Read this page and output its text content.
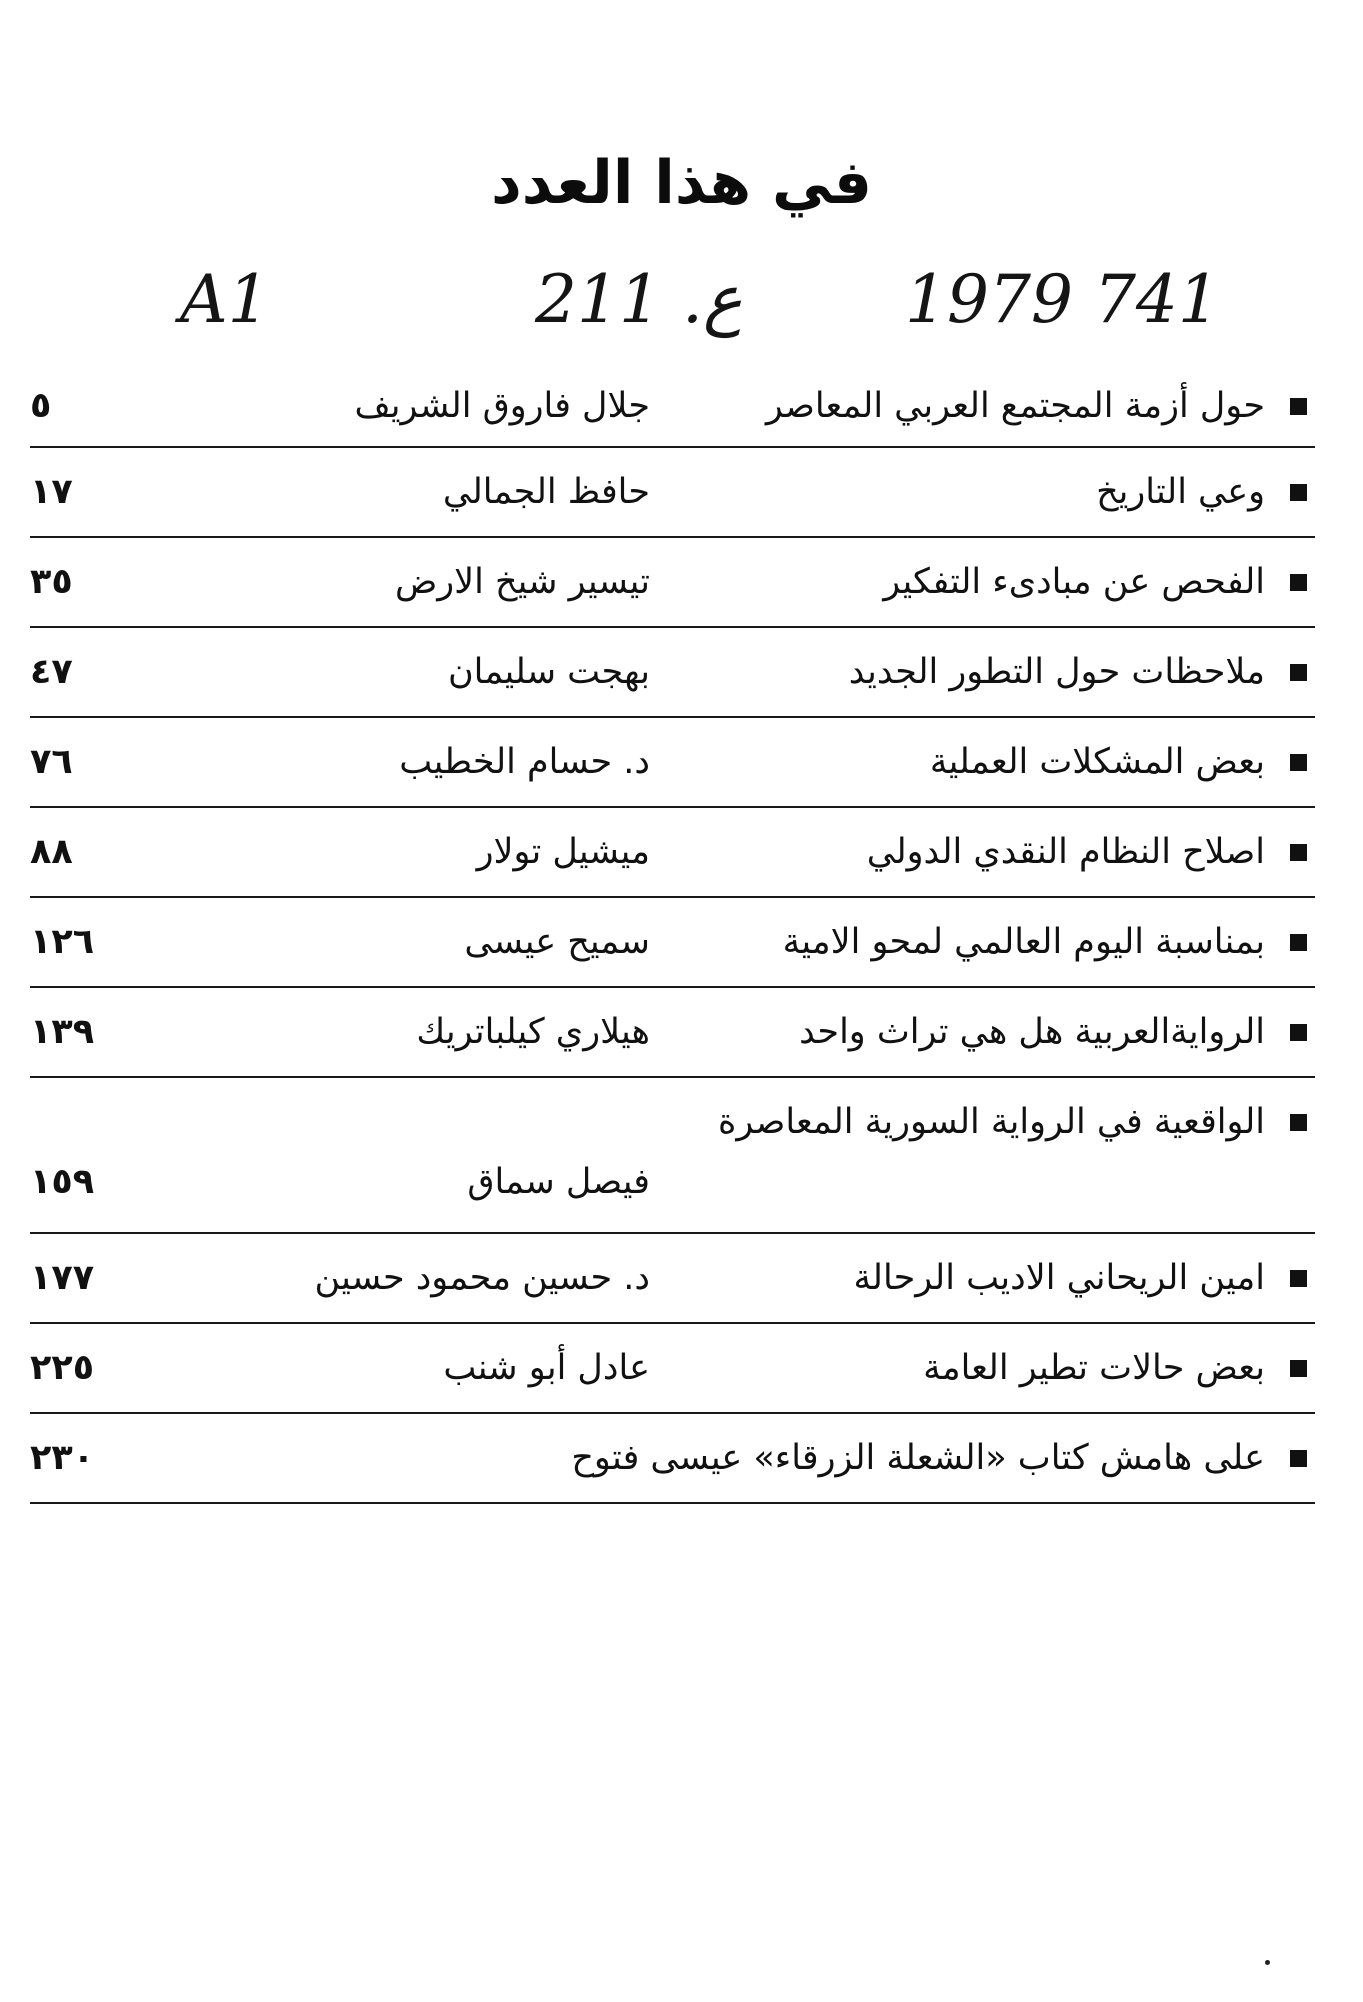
في هذا العدد
A1	211 .ع 1979 741
حول أزمة المجتمع العربي المعاصر
جلال فاروق الشريف
٥
وعي التاريخ
حافظ الجمالي
١٧
الفحص عن مبادىء التفكير
تيسير شيخ الارض
٣٥
ملاحظات حول التطور الجديد
بهجت سليمان
٤٧
بعض المشكلات العملية
د. حسام الخطيب
٧٦
اصلاح النظام النقدي الدولي
ميشيل تولار
٨٨
بمناسبة اليوم العالمي لمحو الامية
سميح عيسى
١٢٦
الروايةالعربية هل هي تراث واحد
هيلاري كيلباتريك
١٣٩
الواقعية في الرواية السورية المعاصرة
فيصل سماق
١٥٩
امين الريحاني الاديب الرحالة
د. حسين محمود حسين
١٧٧
بعض حالات تطير العامة
عادل أبو شنب
٢٢٥
على هامش كتاب «الشعلة الزرقاء» عيسى فتوح
٢٣٠
